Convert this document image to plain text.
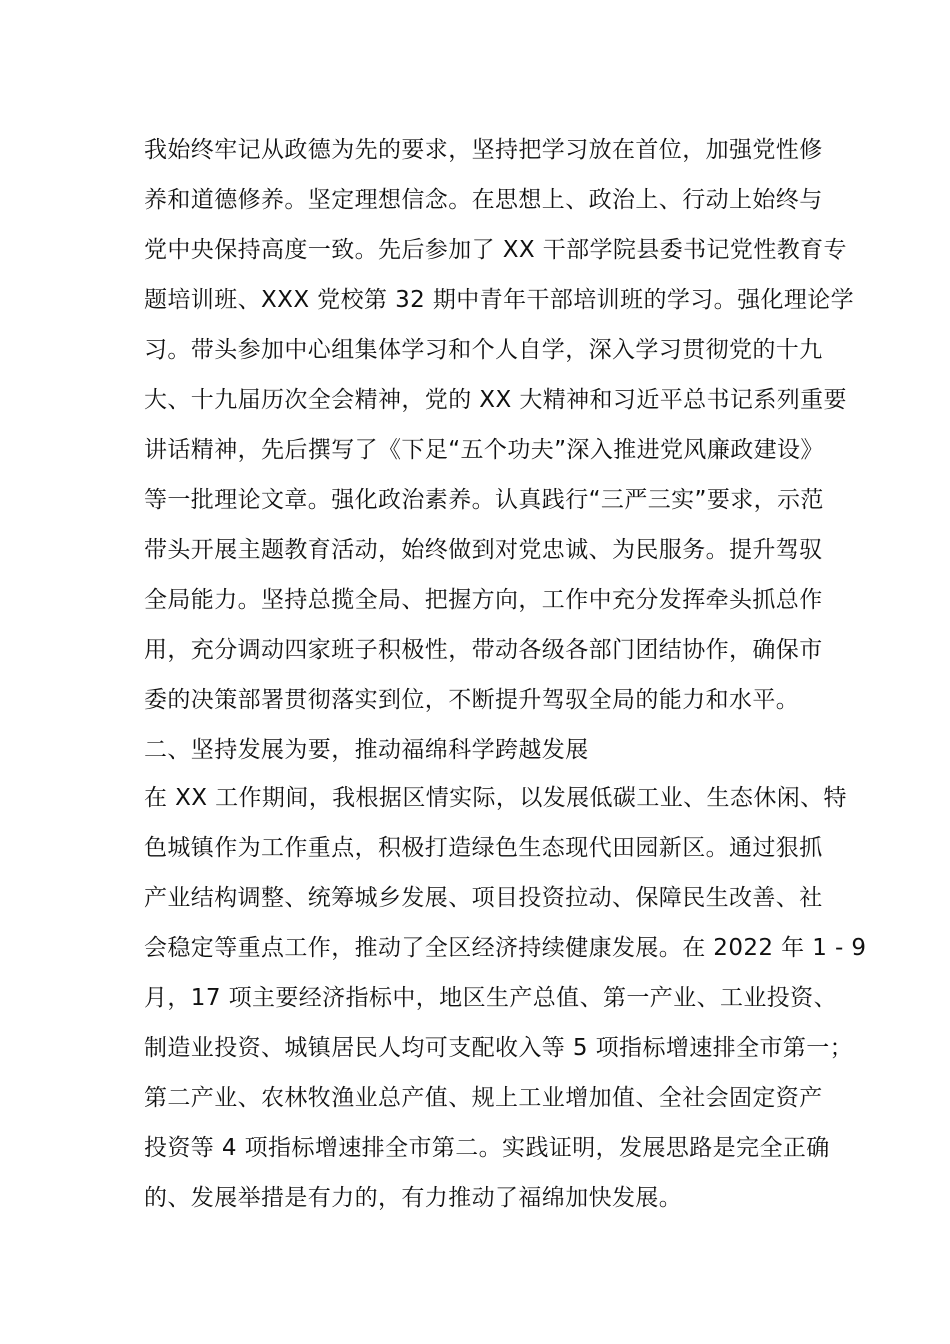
我始终牢记从政德为先的要求，坚持把学习放在首位，加强党性修
养和道德修养。坚定理想信念。在思想上、政治上、行动上始终与
党中央保持高度一致。先后参加了 XX 干部学院县委书记党性教育专
题培训班、XXX 党校第 32 期中青年干部培训班的学习。强化理论学
习。带头参加中心组集体学习和个人自学，深入学习贯彻党的十九
大、十九届历次全会精神，党的 XX 大精神和习近平总书记系列重要
讲话精神，先后撰写了《下足“五个功夫”深入推进党风廉政建设》
等一批理论文章。强化政治素养。认真践行“三严三实”要求，示范
带头开展主题教育活动，始终做到对党忠诚、为民服务。提升驾驭
全局能力。坚持总揽全局、把握方向，工作中充分发挥牵头抓总作
用，充分调动四家班子积极性，带动各级各部门团结协作，确保市
委的决策部署贯彻落实到位，不断提升驾驭全局的能力和水平。
二、坚持发展为要，推动福绵科学跨越发展
在 XX 工作期间，我根据区情实际，以发展低碳工业、生态休闲、特
色城镇作为工作重点，积极打造绿色生态现代田园新区。通过狠抓
产业结构调整、统筹城乡发展、项目投资拉动、保障民生改善、社
会稳定等重点工作，推动了全区经济持续健康发展。在 2022 年 1 - 9
月，17 项主要经济指标中，地区生产总值、第一产业、工业投资、
制造业投资、城镇居民人均可支配收入等 5 项指标增速排全市第一；
第二产业、农林牧渔业总产值、规上工业增加值、全社会固定资产
投资等 4 项指标增速排全市第二。实践证明，发展思路是完全正确
的、发展举措是有力的，有力推动了福绵加快发展。
